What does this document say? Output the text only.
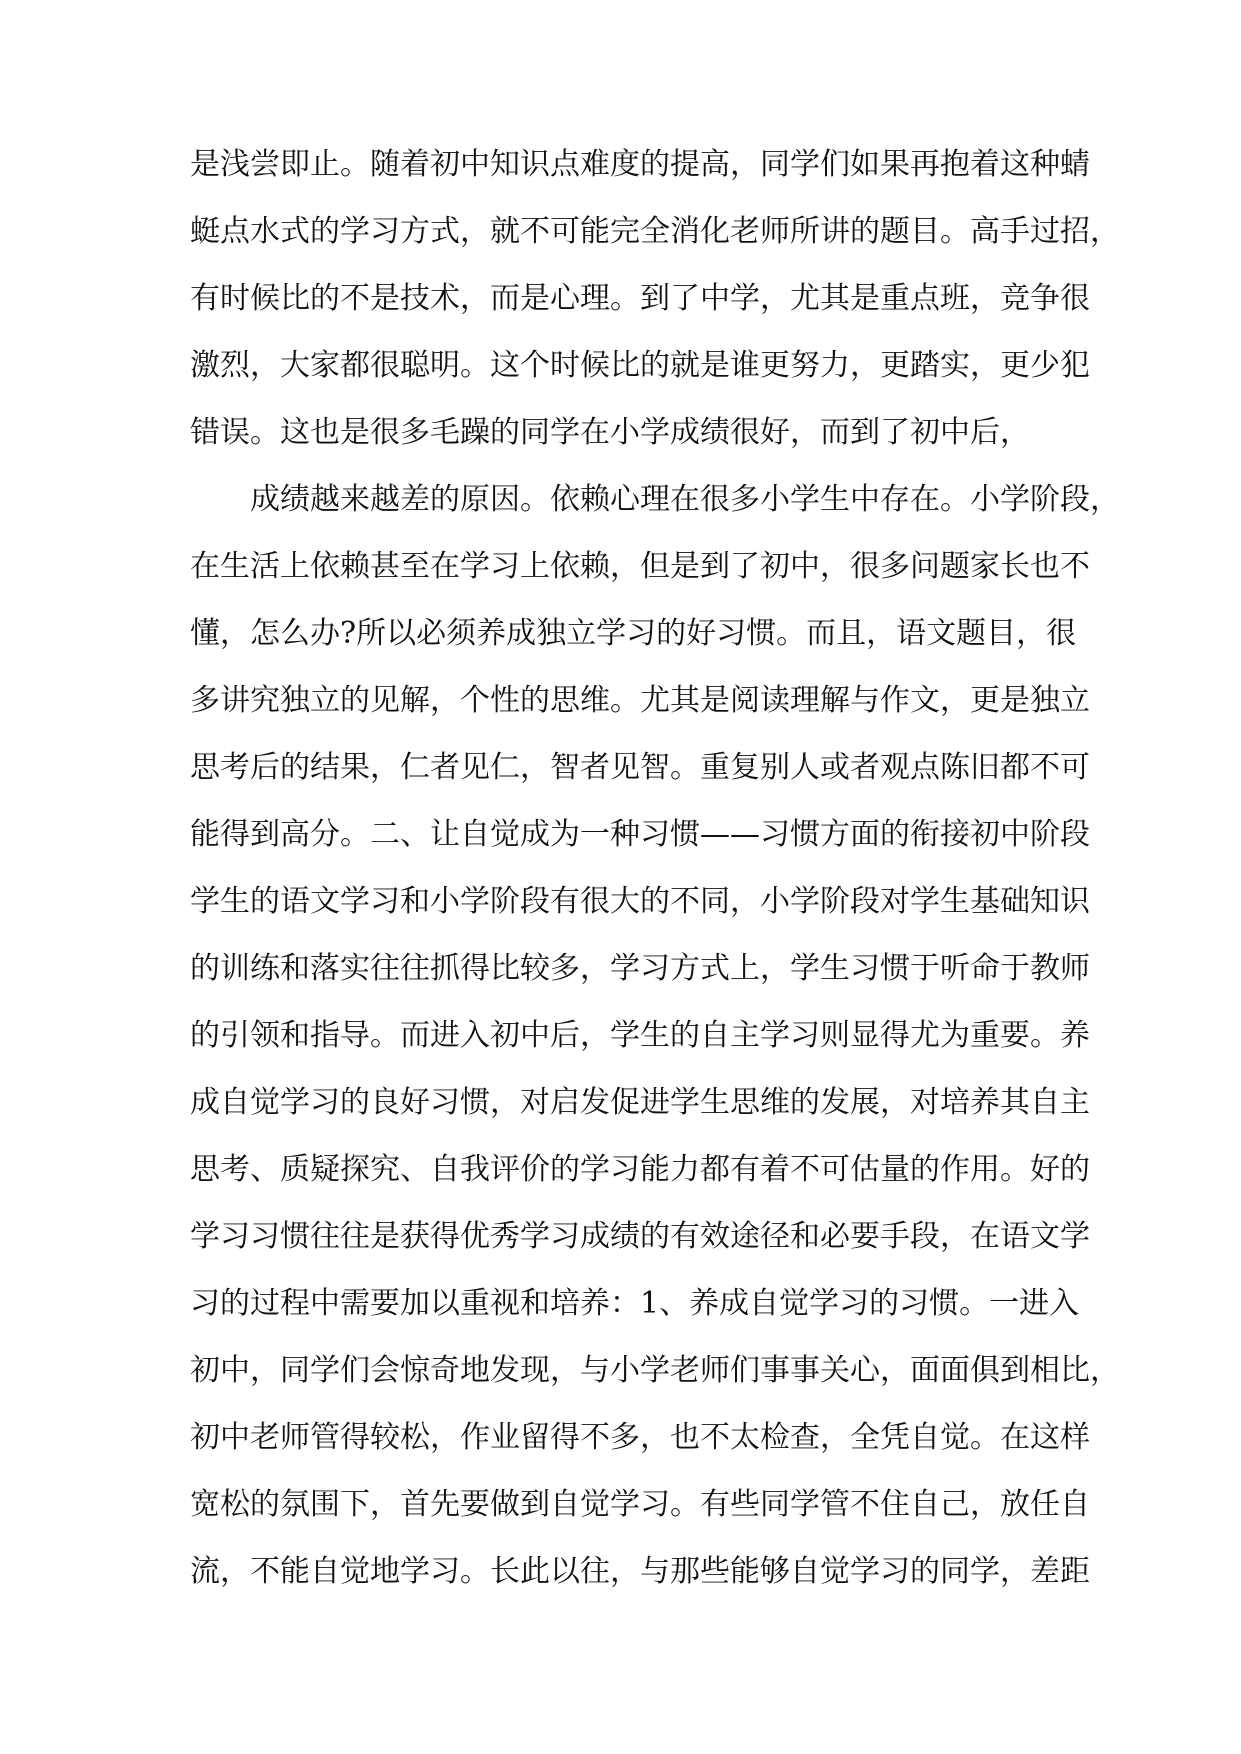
是浅尝即止。随着初中知识点难度的提高，同学们如果再抱着这种蜻
蜓点水式的学习方式，就不可能完全消化老师所讲的题目。高手过招，
有时候比的不是技术，而是心理。到了中学，尤其是重点班，竞争很
激烈，大家都很聪明。这个时候比的就是谁更努力，更踏实，更少犯
错误。这也是很多毛躁的同学在小学成绩很好，而到了初中后，
成绩越来越差的原因。依赖心理在很多小学生中存在。小学阶段，
在生活上依赖甚至在学习上依赖，但是到了初中，很多问题家长也不
懂，怎么办?所以必须养成独立学习的好习惯。而且，语文题目，很
多讲究独立的见解，个性的思维。尤其是阅读理解与作文，更是独立
思考后的结果，仁者见仁，智者见智。重复别人或者观点陈旧都不可
能得到高分。二、让自觉成为一种习惯——习惯方面的衔接初中阶段
学生的语文学习和小学阶段有很大的不同，小学阶段对学生基础知识
的训练和落实往往抓得比较多，学习方式上，学生习惯于听命于教师
的引领和指导。而进入初中后，学生的自主学习则显得尤为重要。养
成自觉学习的良好习惯，对启发促进学生思维的发展，对培养其自主
思考、质疑探究、自我评价的学习能力都有着不可估量的作用。好的
学习习惯往往是获得优秀学习成绩的有效途径和必要手段，在语文学
习的过程中需要加以重视和培养：1、养成自觉学习的习惯。一进入
初中，同学们会惊奇地发现，与小学老师们事事关心，面面俱到相比，
初中老师管得较松，作业留得不多，也不太检查，全凭自觉。在这样
宽松的氛围下，首先要做到自觉学习。有些同学管不住自己，放任自
流，不能自觉地学习。长此以往，与那些能够自觉学习的同学，差距
